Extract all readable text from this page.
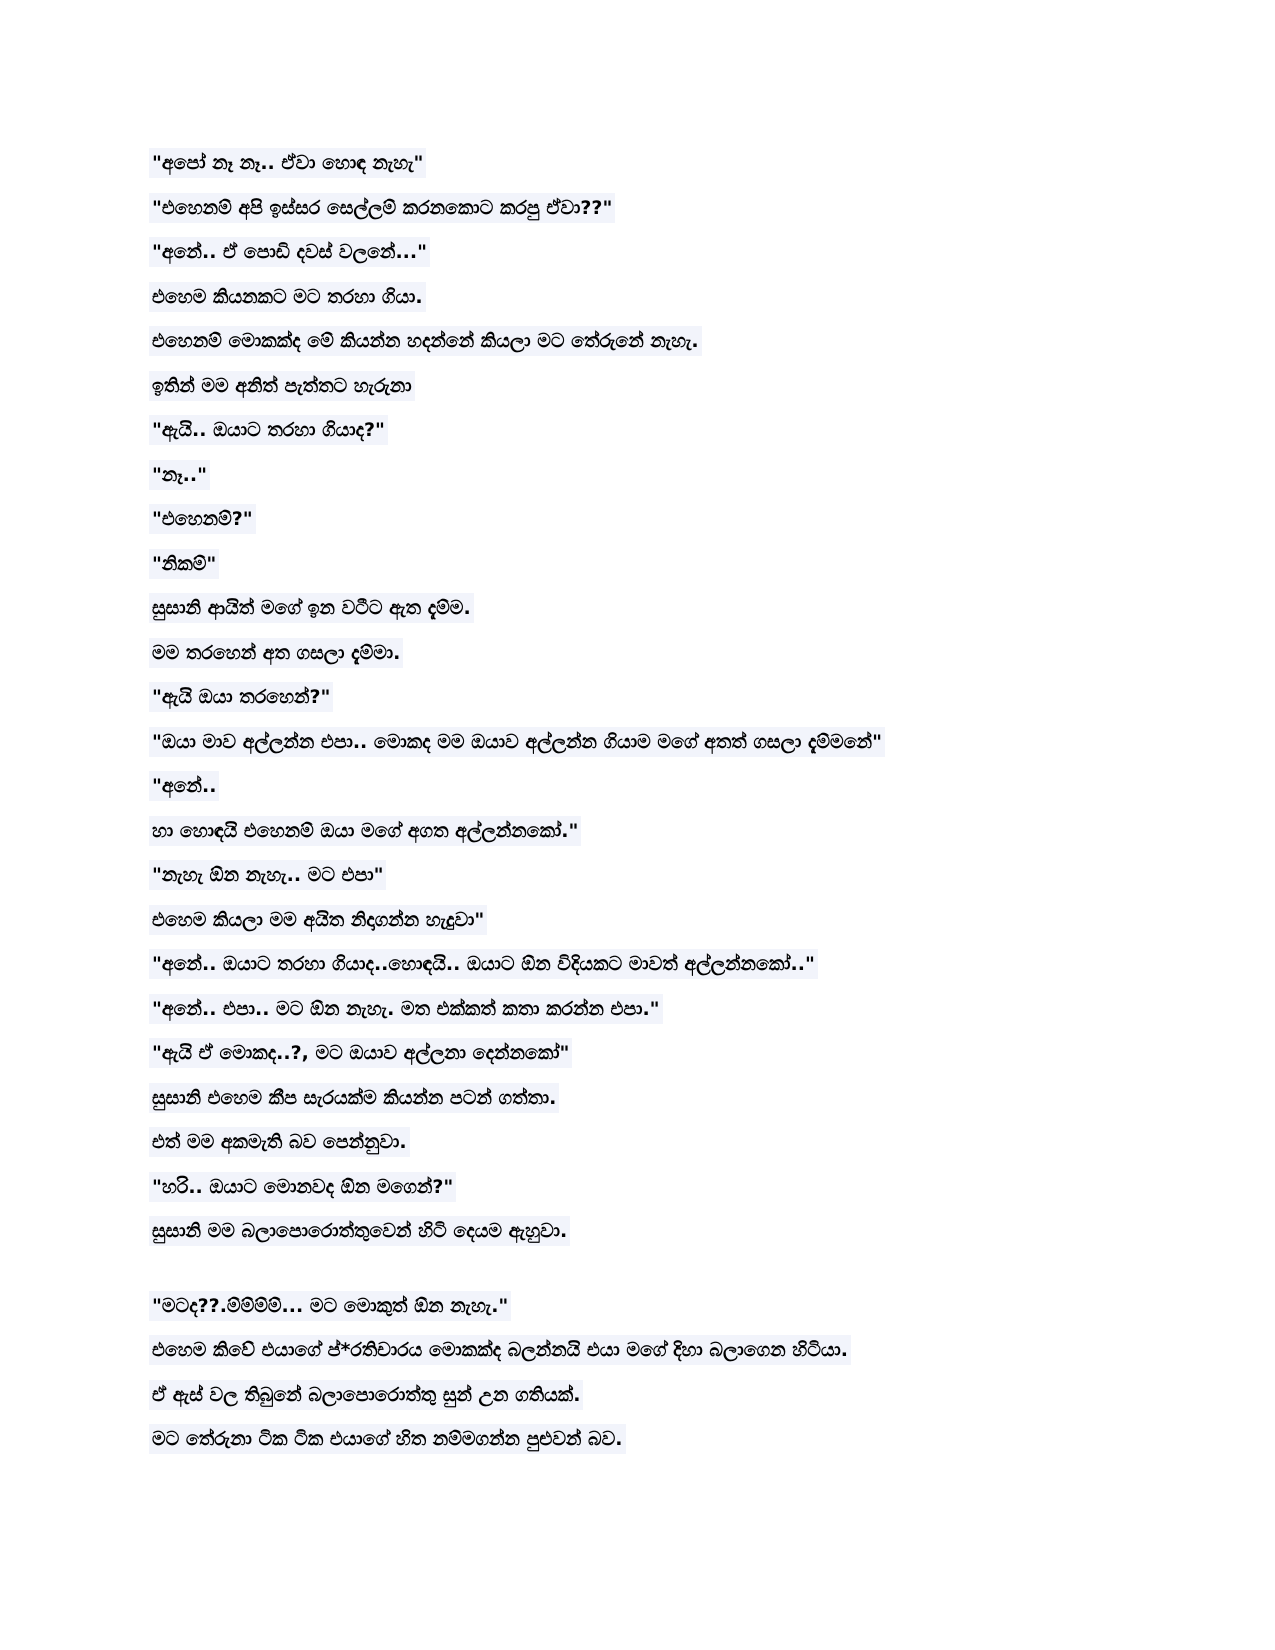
"අපෝ නෑ නෑ.. ඒවා හොඳ නැහැ"
"එහෙනම් අපි ඉස්සර සෙල්ලම් කරනකොට කරපු ඒවා??"
"අනේ.. ඒ පොඩි දවස් වලනේ..."
එහෙම කියනකට මට තරහා ගියා.
එහෙනම් මොකක්ද මේ කියන්න හදන්නේ කියලා මට තේරුනේ නැහැ.
ඉතින් මම අනිත් පැත්තට හැරුනා
"ඇයි.. ඔයාට තරහා ගියාද?"
"නෑ.."
"එහෙනම්?"
"නිකම්"
සුසානි ආයිත් මගේ ඉන වටීට ඇත දැම්ම.
මම තරහෙන් අත ගසලා දැම්මා.
"ඇයි ඔයා තරහෙන්?"
"ඔයා මාව අල්ලන්න එපා.. මොකද මම ඔයාව අල්ලන්න ගියාම මගේ අතත් ගසලා දැම්මනේ"
"අනේ..
හා හොඳයි එහෙනම් ඔයා මගේ අගත අල්ලන්නකෝ."
"නැහැ ඕන නැහැ.. මට එපා"
එහෙම කියලා මම අයිත නිදාගන්න හැදුවා"
"අනේ.. ඔයාට තරහා ගියාද..හොඳයි.. ඔයාට ඕන විදියකට මාවත් අල්ලන්නකෝ.."
"අනේ.. එපා.. මට ඕන නැහැ. මත එක්කත් කතා කරන්න එපා."
"ඇයි ඒ මොකද..?, මට ඔයාව අල්ලනා දෙන්නකෝ"
සුසානි එහෙම කීප සැරයක්ම කියන්න පටන් ගත්තා.
එත් මම අකමැති බව පෙන්නුවා.
"හරි.. ඔයාට මොනවද ඕන මගෙන්?"
සුසානි මම බලාපොරොත්තුවෙන් හිටි දෙයම ඇහුවා.
"මටද??.ම්ම්ම්ම්... මට මොකුත් ඕන නැහැ."
එහෙම කිවේ එයාගේ ප්*රතිචාරය මොකක්ද බලන්නයි එයා මගේ දිහා බලාගෙන හිටියා.
ඒ ඇස් වල තිබුනේ බලාපොරොත්තු සුන් උන ගතියක්.
මට තේරුනා ටික ටික එයාගේ හිත නම්මගන්න පුළුවන් බව.
